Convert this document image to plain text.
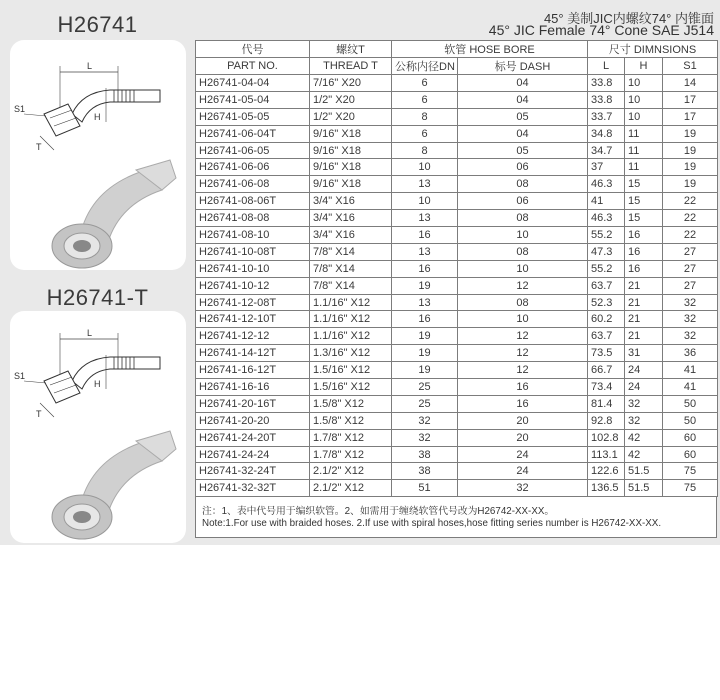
H26741
H26741-T
L
H
S1
T
L
H
S1
T
45° 美制JIC内螺纹74° 内锥面
45° JIC Female 74° Cone SAE J514
代号	螺纹T	软管 HOSE BORE		尺寸 DIMNSIONS		
PART NO.	THREAD T	公称内径DN	标号 DASH	L	H	S1
H26741-04-04	7/16" X20	6	04	33.8	10	14
H26741-05-04	1/2" X20	6	04	33.8	10	17
H26741-05-05	1/2" X20	8	05	33.7	10	17
H26741-06-04T	9/16" X18	6	04	34.8	11	19
H26741-06-05	9/16" X18	8	05	34.7	11	19
H26741-06-06	9/16" X18	10	06	37	11	19
H26741-06-08	9/16" X18	13	08	46.3	15	19
H26741-08-06T	3/4" X16	10	06	41	15	22
H26741-08-08	3/4" X16	13	08	46.3	15	22
H26741-08-10	3/4" X16	16	10	55.2	16	22
H26741-10-08T	7/8" X14	13	08	47.3	16	27
H26741-10-10	7/8" X14	16	10	55.2	16	27
H26741-10-12	7/8" X14	19	12	63.7	21	27
H26741-12-08T	1.1/16" X12	13	08	52.3	21	32
H26741-12-10T	1.1/16" X12	16	10	60.2	21	32
H26741-12-12	1.1/16" X12	19	12	63.7	21	32
H26741-14-12T	1.3/16" X12	19	12	73.5	31	36
H26741-16-12T	1.5/16" X12	19	12	66.7	24	41
H26741-16-16	1.5/16" X12	25	16	73.4	24	41
H26741-20-16T	1.5/8" X12	25	16	81.4	32	50
H26741-20-20	1.5/8" X12	32	20	92.8	32	50
H26741-24-20T	1.7/8" X12	32	20	102.8	42	60
H26741-24-24	1.7/8" X12	38	24	113.1	42	60
H26741-32-24T	2.1/2" X12	38	24	122.6	51.5	75
H26741-32-32T	2.1/2" X12	51	32	136.5	51.5	75
注：1、表中代号用于编织软管。2、如需用于缠绕软管代号改为H26742-XX-XX。
Note:1.For use with braided hoses. 2.If use with spiral hoses,hose fitting series number is H26742-XX-XX.
